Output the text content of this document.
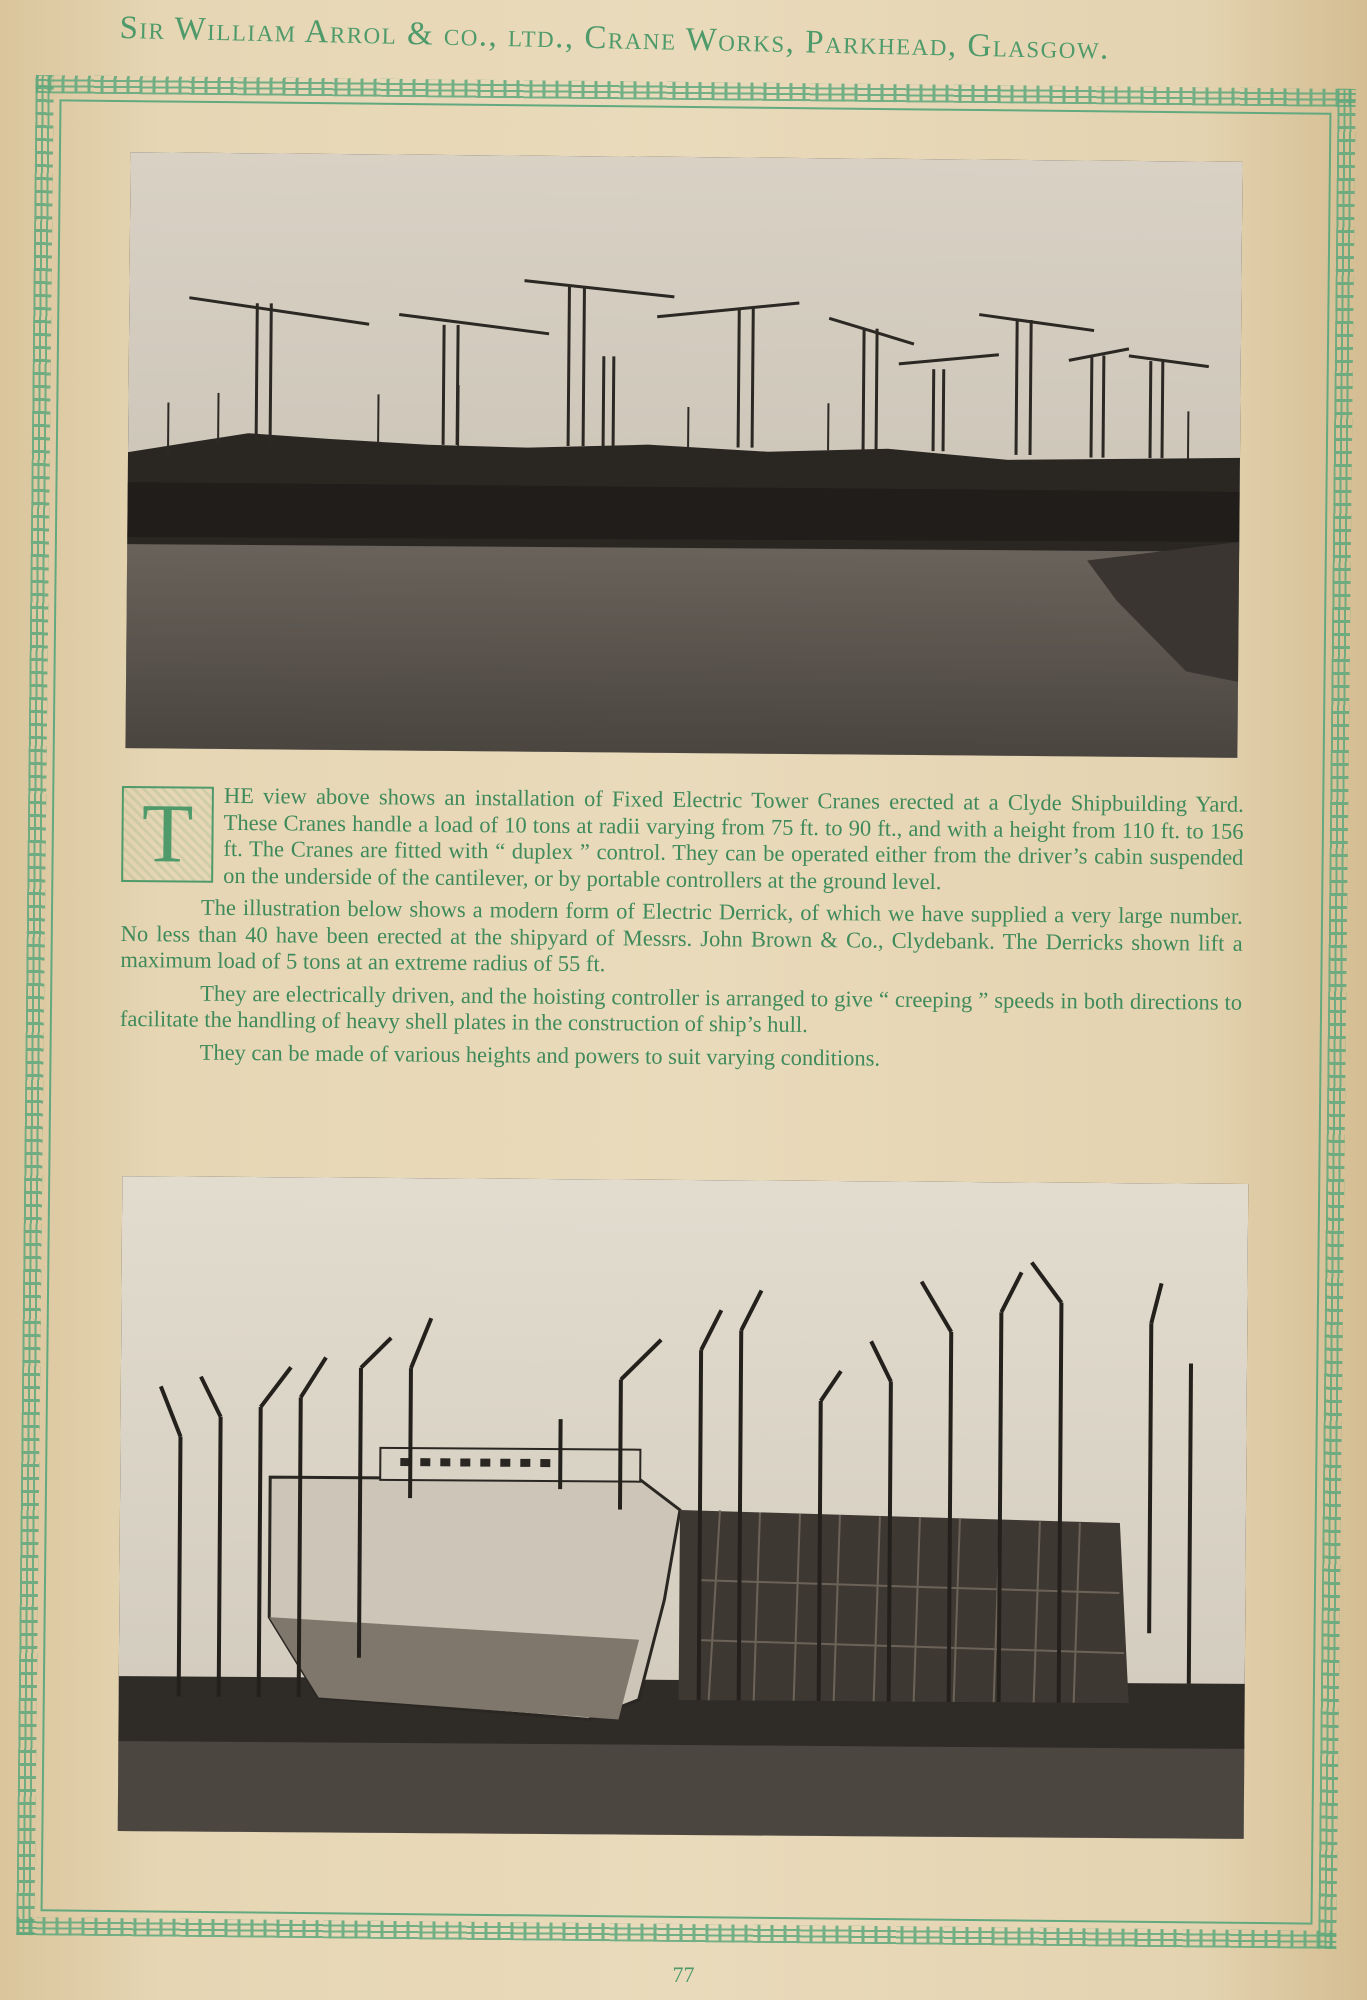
Sir William Arrol & co., ltd., Crane Works, Parkhead, Glasgow.

T	HE view above shows an installation of Fixed Electric Tower Cranes erected at a Clyde Shipbuilding Yard. These Cranes handle a load of 10 tons at radii varying from 75 ft. to 90 ft., and with a height from 110 ft. to 156 ft. The Cranes are fitted with “ duplex ” control. They can be operated either from the driver’s cabin suspended on the underside of the cantilever, or by portable controllers at the ground level.

The illustration below shows a modern form of Electric Derrick, of which we have supplied a very large number. No less than 40 have been erected at the shipyard of Messrs. John Brown & Co., Clydebank. The Derricks shown lift a maximum load of 5 tons at an extreme radius of 55 ft.

They are electrically driven, and the hoisting controller is arranged to give “ creeping ” speeds in both directions to facilitate the handling of heavy shell plates in the construction of ship’s hull.

They can be made of various heights and powers to suit varying conditions.

77
